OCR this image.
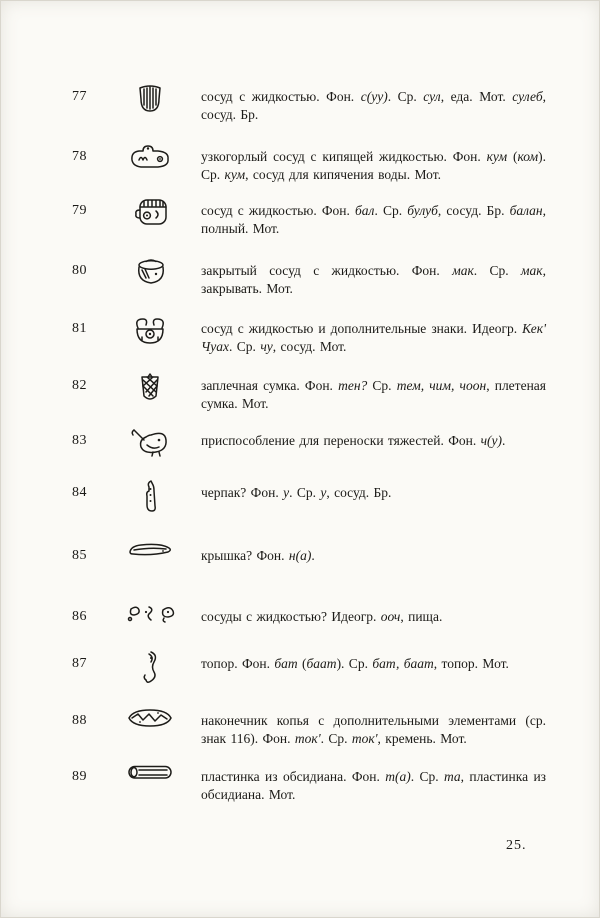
77	сосуд с жидкостью. Фон. с(уу). Ср. сул, еда. Мот. сулеб, сосуд. Бр.
78	узкогорлый сосуд с кипящей жидкостью. Фон. кум (ком). Ср. кум, сосуд для кипячения воды. Мот.
79	сосуд с жидкостью. Фон. бал. Ср. булуб, сосуд. Бр. балан, полный. Мот.
80	закрытый сосуд с жидкостью. Фон. мак. Ср. мак, закрывать. Мот.
81	сосуд с жидкостью и дополнительные знаки. Идеогр. Кек' Чуах. Ср. чу, сосуд. Мот.
82	заплечная сумка. Фон. тен? Ср. тем, чим, чоон, плетеная сумка. Мот.
83	приспособление для переноски тяжестей. Фон. ч(у).
84	черпак? Фон. у. Ср. у, сосуд. Бр.
85	крышка? Фон. н(а).
86	сосуды с жидкостью? Идеогр. ооч, пища.
87	топор. Фон. бат (баат). Ср. бат, баат, топор. Мот.
88	наконечник копья с дополнительными элементами (ср. знак 116). Фон. ток'. Ср. ток', кремень. Мот.
89	пластинка из обсидиана. Фон. т(а). Ср. та, пластинка из обсидиана. Мот.
25.
